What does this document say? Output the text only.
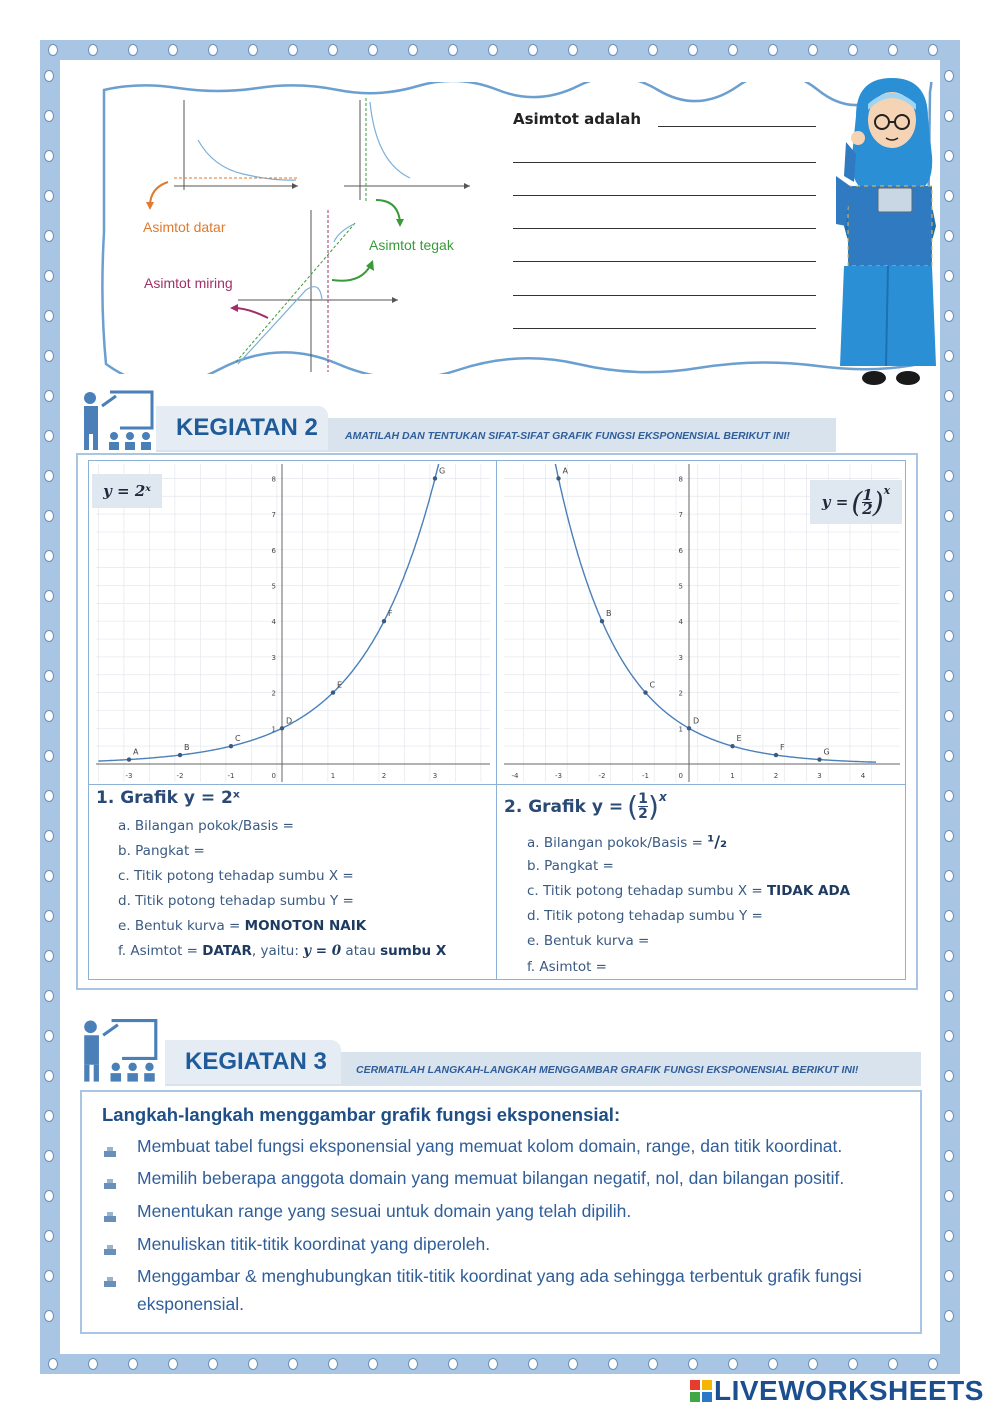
Asimtot datar
Asimtot tegak
Asimtot miring
Asimtot adalah
KEGIATAN 2	AMATILAH DAN TENTUKAN SIFAT-SIFAT GRAFIK FUNGSI EKSPONENSIAL BERIKUT INI!
-3	-2	-1	1	2	3
1
2
3
4
5
6
7
8
0
A	B
C
D
E
F
G
-4	-3	-2	-1	1	2	3	4
1
2
3
4
5
6
7
8
0
A
B
C
D
E
F	G
y = 2ˣ
y = ( 1
2 ) x
1. Grafik y = 2ˣ
a. Bilangan pokok/Basis =
b. Pangkat =
c. Titik potong tehadap sumbu X =
d. Titik potong tehadap sumbu Y =
e. Bentuk kurva = MONOTON NAIK
f. Asimtot = DATAR, yaitu: y = 0 atau sumbu X
2. Grafik y = ( 1
2 ) x
a. Bilangan pokok/Basis = ¹/₂
b. Pangkat =
c. Titik potong tehadap sumbu X = TIDAK ADA
d. Titik potong tehadap sumbu Y =
e. Bentuk kurva =
f. Asimtot =
KEGIATAN 3	CERMATILAH LANGKAH-LANGKAH MENGGAMBAR GRAFIK FUNGSI EKSPONENSIAL BERIKUT INI!
Langkah-langkah menggambar grafik fungsi eksponensial:
Membuat tabel fungsi eksponensial yang memuat kolom domain, range, dan titik koordinat.
Memilih beberapa anggota domain yang memuat bilangan negatif, nol, dan bilangan positif.
Menentukan range yang sesuai untuk domain yang telah dipilih.
Menuliskan titik-titik koordinat yang diperoleh.
Menggambar & menghubungkan titik-titik koordinat yang ada sehingga terbentuk grafik fungsi eksponensial.
LIVEWORKSHEETS
